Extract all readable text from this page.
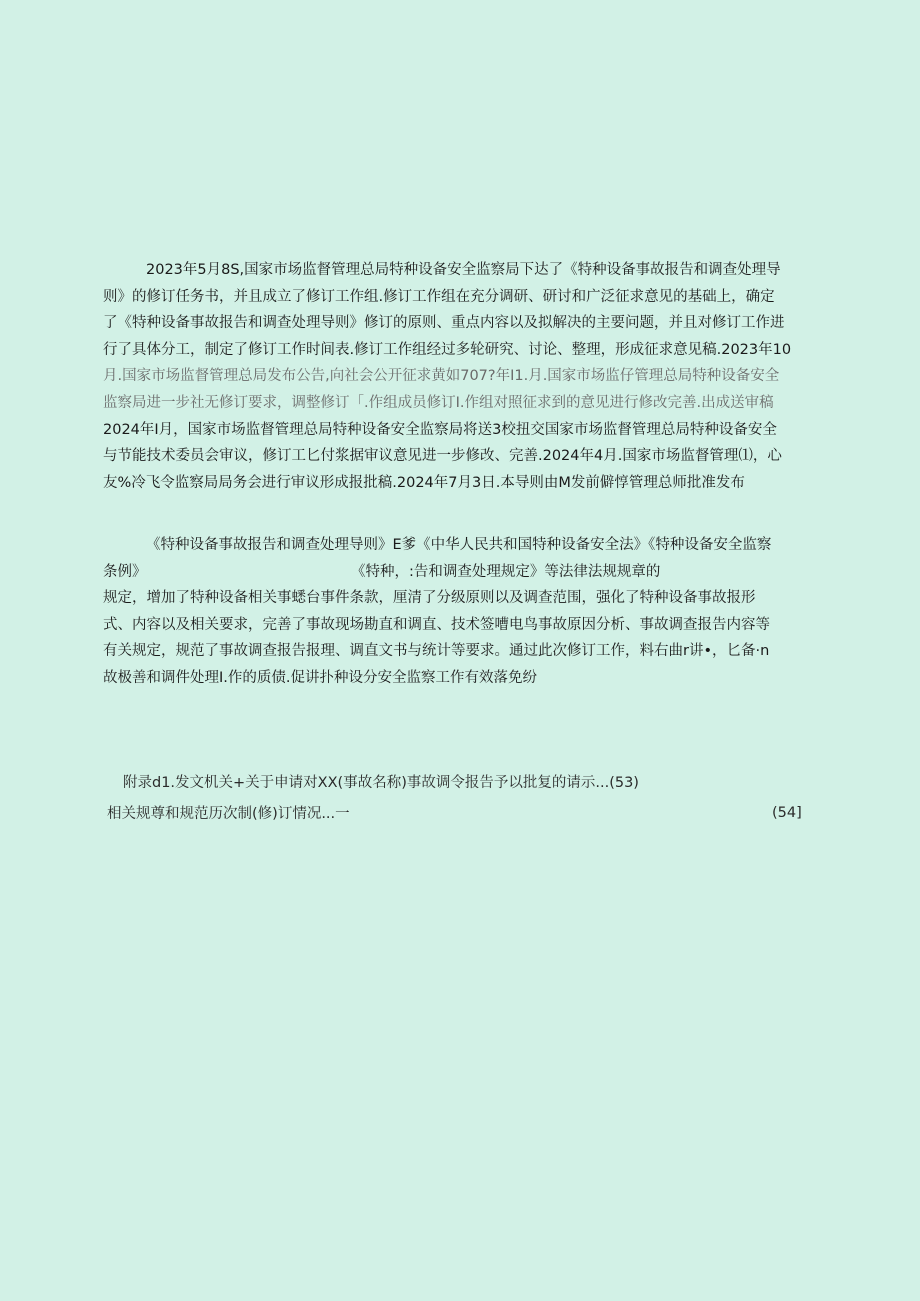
2023年5月8S,国家市场监督管理总局特种设备安全监察局下达了《特种设备事故报告和调查处理导
则》的修订任务书，并且成立了修订工作组.修订工作组在充分调研、研讨和广泛征求意见的基础上，确定
了《特种设备事故报告和调查处理导则》修订的原则、重点内容以及拟解决的主要问题，并且对修订工作进
行了具体分工，制定了修订工作时间表.修订工作组经过多轮研究、讨论、整理，形成征求意见稿.2023年10
月.国家市场监督管理总局发布公告,向社会公开征求黄如707?年I1.月.国家市场监仔管理总局特种设备安全
监察局进一步社无修订要求，调整修订「.作组成员修订I.作组对照征求到的意见进行修改完善.出成送审稿
2024年I月，国家市场监督管理总局特种设备安全监察局将送3校扭交国家市场监督管理总局特种设备安全
与节能技术委员会审议，修订工匕付浆据审议意见进一步修改、完善.2024年4月.国家市场监督管理⑴，心
友%冷飞令监察局局务会进行审议形成报批稿.2024年7月3日.本导则由M发前僻惇管理总师批准发布
《特种设备事故报告和调查处理导则》E爹《中华人民共和国特种设备安全法》《特种设备安全监察
条例》	《特种，:告和调查处理规定》等法律法规规章的
规定，增加了特种设备相关事蟋台事件条款，厘清了分级原则以及调查范围，强化了特种设备事故报形
式、内容以及相关要求，完善了事故现场勘直和调直、技术签嘈电鸟事故原因分析、事故调查报告内容等
有关规定，规范了事故调查报告报理、调直文书与统计等要求。通过此次修订工作，料右曲r讲•，匕备·n
故极善和调件处理I.作的质债.促讲扑种设分安全监察工作有效落免纷
附录d1.发文机关+关于申请对XX(事故名称)事故调令报告予以批复的请示...(53)
相关规尊和规范历次制(修)订情况...一	(54]
